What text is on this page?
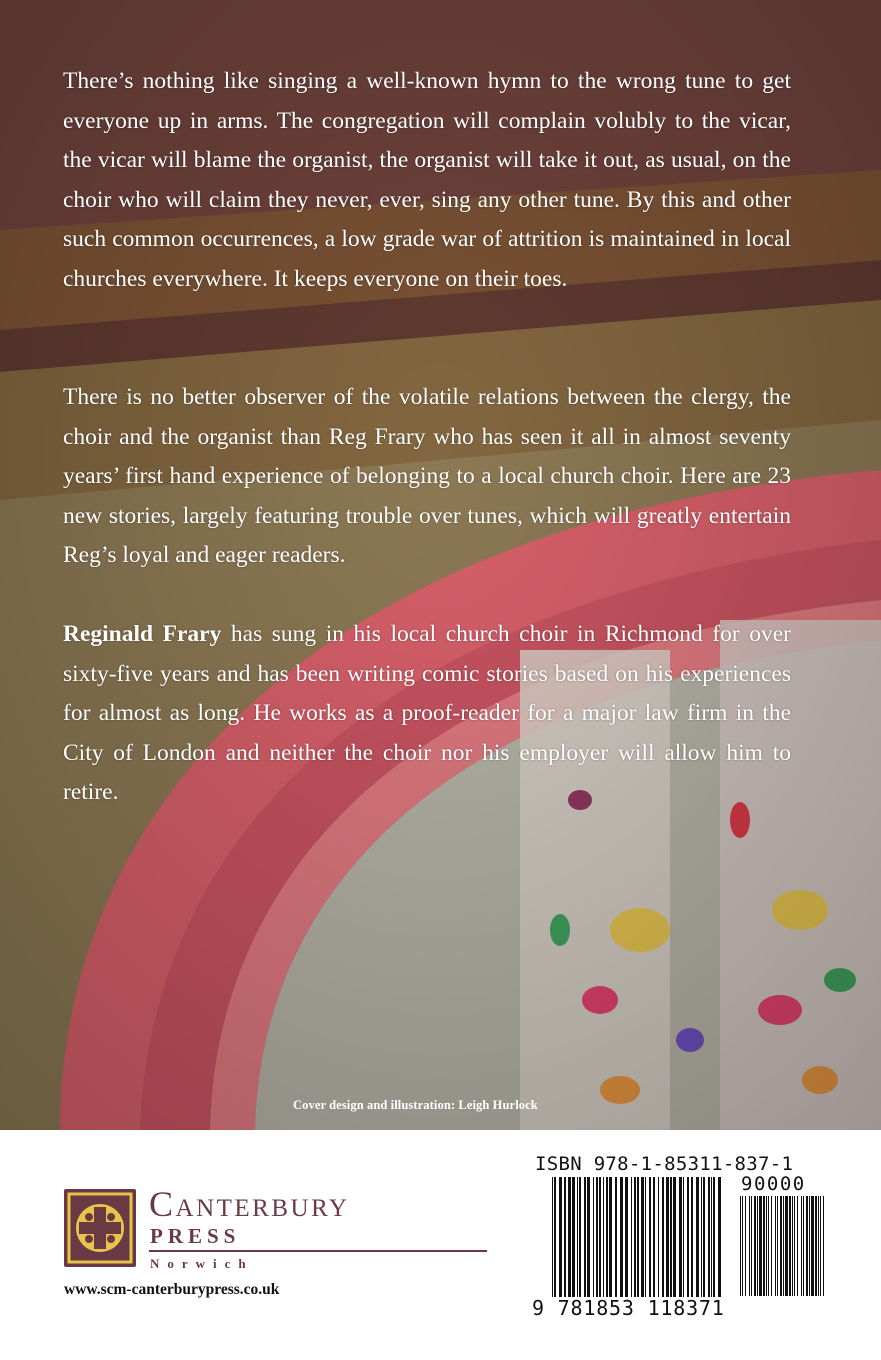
There’s nothing like singing a well-known hymn to the wrong tune to get everyone up in arms. The congregation will complain volubly to the vicar, the vicar will blame the organist, the organist will take it out, as usual, on the choir who will claim they never, ever, sing any other tune. By this and other such common occurrences, a low grade war of attrition is maintained in local churches everywhere. It keeps everyone on their toes.

There is no better observer of the volatile relations between the clergy, the choir and the organist than Reg Frary who has seen it all in almost seventy years’ first hand experience of belonging to a local church choir. Here are 23 new stories, largely featuring trouble over tunes, which will greatly entertain Reg’s loyal and eager readers.

Reginald Frary has sung in his local church choir in Richmond for over sixty-five years and has been writing comic stories based on his experiences for almost as long. He works as a proof-reader for a major law firm in the City of London and neither the choir nor his employer will allow him to retire.

Cover design and illustration: Leigh Hurlock
Canterbury
PRESS
Norwich
www.scm-canterburypress.co.uk
ISBN 978-1-85311-837-1
90000
9 781853 118371
